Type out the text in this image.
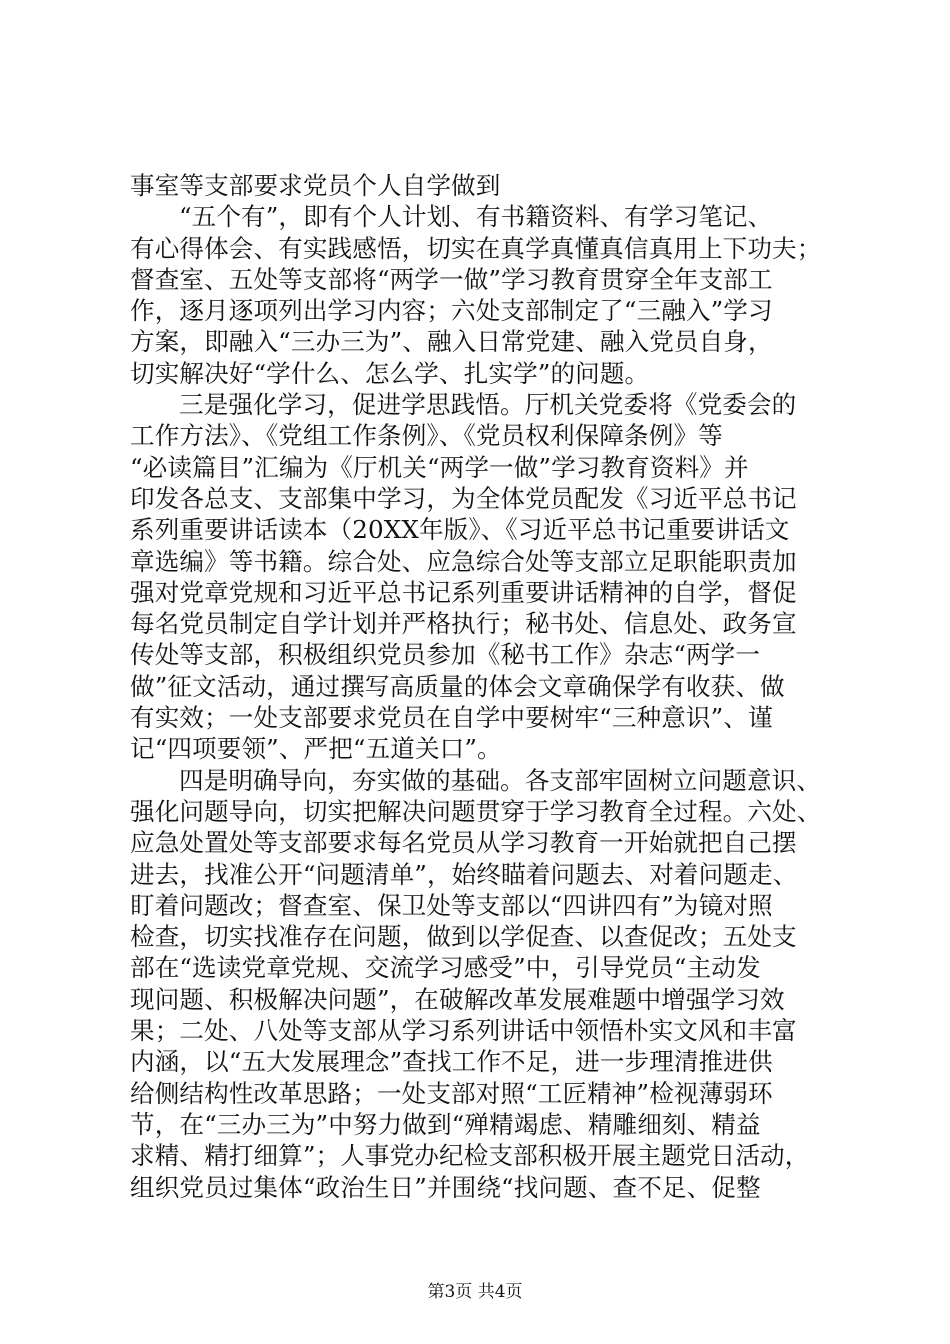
事室等支部要求党员个人自学做到
“五个有”，即有个人计划、有书籍资料、有学习笔记、
有心得体会、有实践感悟，切实在真学真懂真信真用上下功夫；
督查室、五处等支部将“两学一做”学习教育贯穿全年支部工
作，逐月逐项列出学习内容；六处支部制定了“三融入”学习
方案，即融入“三办三为”、融入日常党建、融入党员自身，
切实解决好“学什么、怎么学、扎实学”的问题。
三是强化学习，促进学思践悟。厅机关党委将《党委会的
工作方法》、《党组工作条例》、《党员权利保障条例》等
“必读篇目”汇编为《厅机关“两学一做”学习教育资料》并
印发各总支、支部集中学习，为全体党员配发《习近平总书记
系列重要讲话读本（20XX年版》、《习近平总书记重要讲话文
章选编》等书籍。综合处、应急综合处等支部立足职能职责加
强对党章党规和习近平总书记系列重要讲话精神的自学，督促
每名党员制定自学计划并严格执行；秘书处、信息处、政务宣
传处等支部，积极组织党员参加《秘书工作》杂志“两学一
做”征文活动，通过撰写高质量的体会文章确保学有收获、做
有实效；一处支部要求党员在自学中要树牢“三种意识”、谨
记“四项要领”、严把“五道关口”。
四是明确导向，夯实做的基础。各支部牢固树立问题意识、
强化问题导向，切实把解决问题贯穿于学习教育全过程。六处、
应急处置处等支部要求每名党员从学习教育一开始就把自己摆
进去，找准公开“问题清单”，始终瞄着问题去、对着问题走、
盯着问题改；督查室、保卫处等支部以“四讲四有”为镜对照
检查，切实找准存在问题，做到以学促查、以查促改；五处支
部在“选读党章党规、交流学习感受”中，引导党员“主动发
现问题、积极解决问题”，在破解改革发展难题中增强学习效
果；二处、八处等支部从学习系列讲话中领悟朴实文风和丰富
内涵，以“五大发展理念”查找工作不足，进一步理清推进供
给侧结构性改革思路；一处支部对照“工匠精神”检视薄弱环
节，在“三办三为”中努力做到“殚精竭虑、精雕细刻、精益
求精、精打细算”；人事党办纪检支部积极开展主题党日活动，
组织党员过集体“政治生日”并围绕“找问题、查不足、促整
第3页 共4页
